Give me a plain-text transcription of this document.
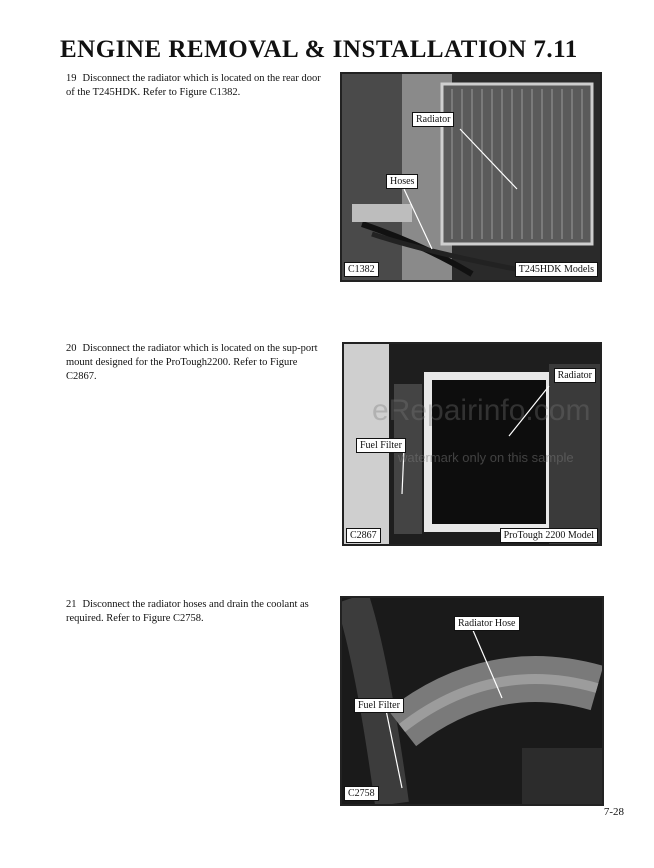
ENGINE REMOVAL & INSTALLATION 7.11
19 Disconnect the radiator which is located on the rear door of the T245HDK. Refer to Figure C1382.
Radiator
Hoses
C1382	T245HDK Models
20 Disconnect the radiator which is located on the sup-port mount designed for the ProTough2200. Refer to Figure C2867.	Radiator
Fuel Filter
C2867	ProTough 2200 Model
21 Disconnect the radiator hoses and drain the coolant as required. Refer to Figure C2758.	Radiator Hose
Fuel Filter
C2758
eRepairinfo.com
watermark only on this sample
7-28
